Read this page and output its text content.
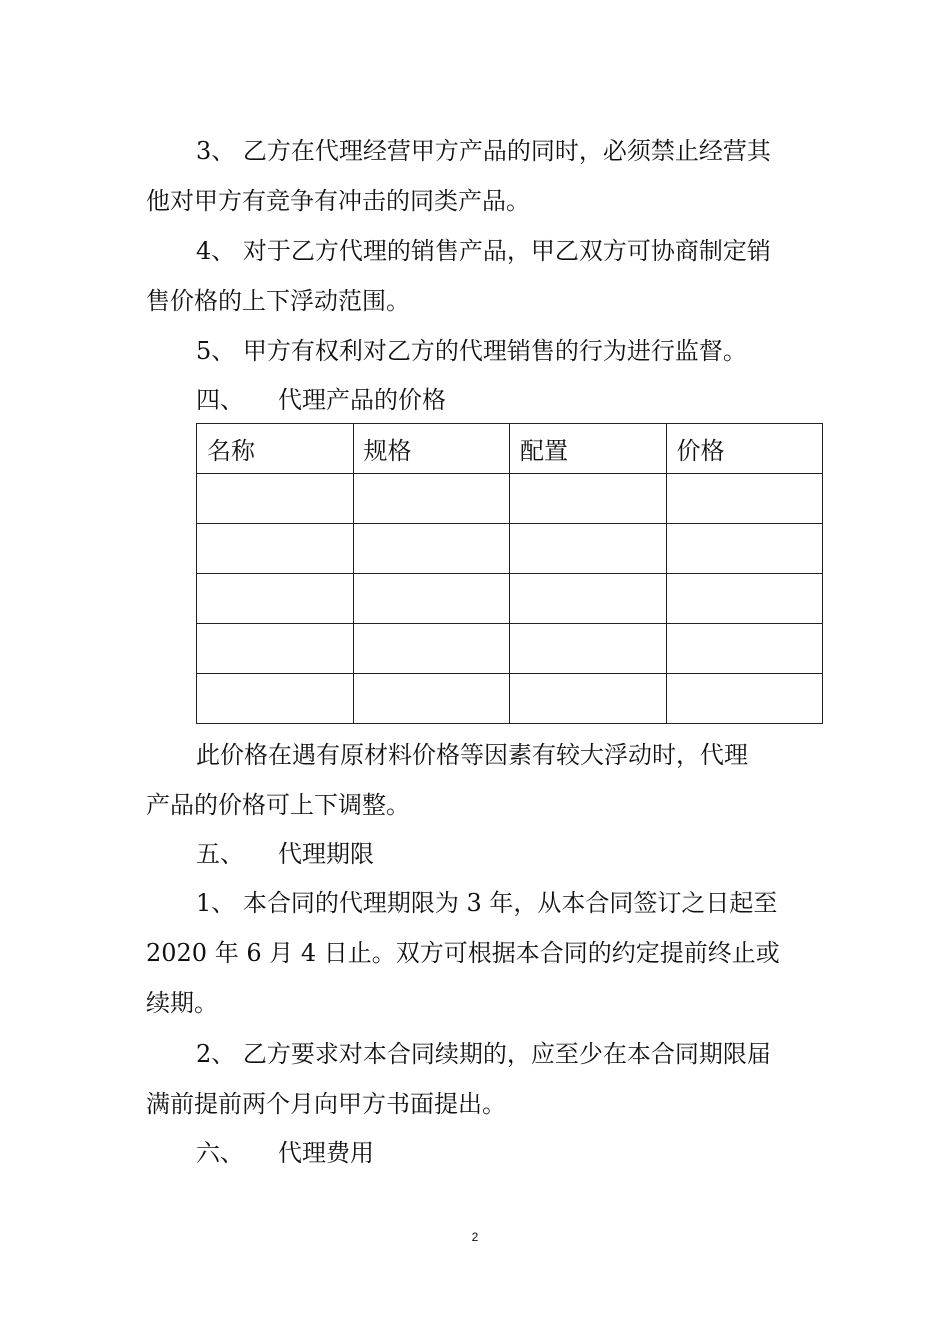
3、 乙方在代理经营甲方产品的同时，必须禁止经营其
他对甲方有竞争有冲击的同类产品。
4、 对于乙方代理的销售产品，甲乙双方可协商制定销
售价格的上下浮动范围。
5、 甲方有权利对乙方的代理销售的行为进行监督。
四、 代理产品的价格
名称	规格	配置	价格

此价格在遇有原材料价格等因素有较大浮动时，代理
产品的价格可上下调整。
五、 代理期限
1、 本合同的代理期限为 3 年，从本合同签订之日起至
2020 年 6 月 4 日止。双方可根据本合同的约定提前终止或
续期。
2、 乙方要求对本合同续期的，应至少在本合同期限届
满前提前两个月向甲方书面提出。
六、 代理费用
2
